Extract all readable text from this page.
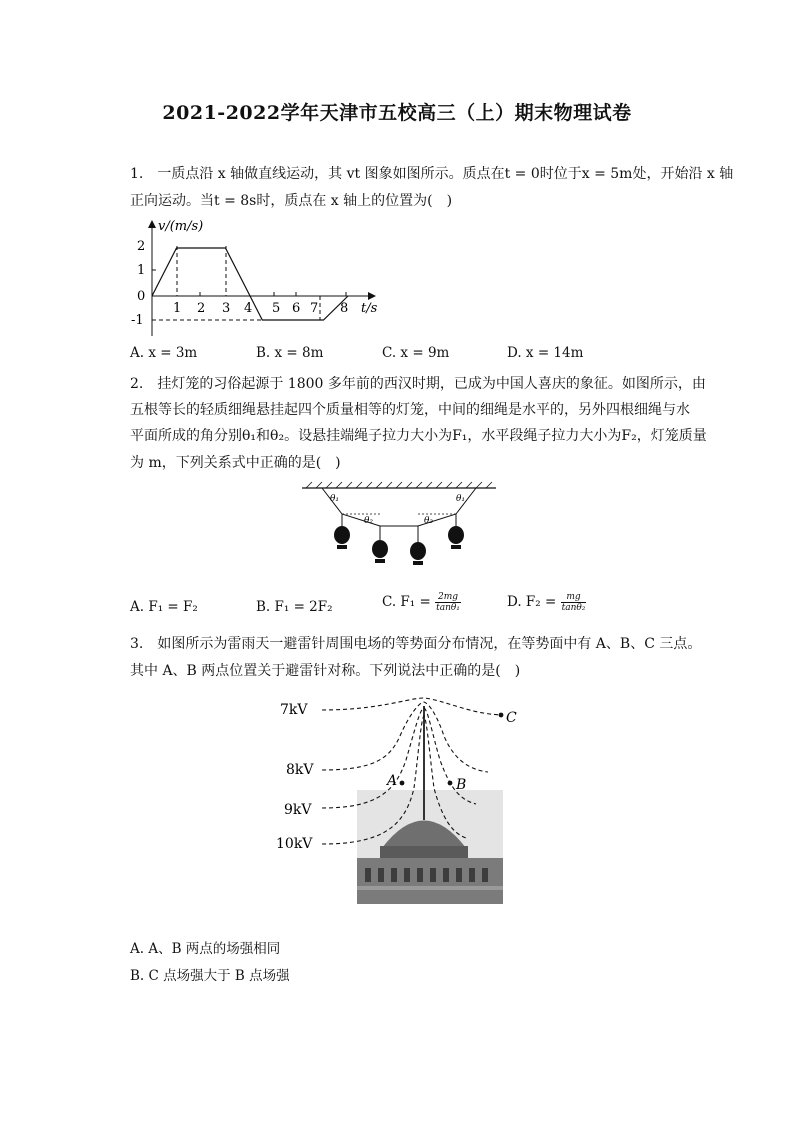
2021-2022学年天津市五校高三（上）期末物理试卷
1.　一质点沿 x 轴做直线运动，其 vt 图象如图所示。质点在t = 0时位于x = 5m处，开始沿 x 轴
正向运动。当t = 8s时，质点在 x 轴上的位置为(　)
v/(m/s)
t/s
2
1
0
-1
1 2 3 4 5 6 7 8
A. x = 3m	B. x = 8m	C. x = 9m	D. x = 14m
2.　挂灯笼的习俗起源于 1800 多年前的西汉时期，已成为中国人喜庆的象征。如图所示，由
五根等长的轻质细绳悬挂起四个质量相等的灯笼，中间的细绳是水平的，另外四根细绳与水
平面所成的角分别θ₁和θ₂。设悬挂端绳子拉力大小为F₁，水平段绳子拉力大小为F₂，灯笼质量
为 m，下列关系式中正确的是(　)
θ₁
θ₂	θ₂
θ₁
A. F₁ = F₂	B. F₁ = 2F₂	C. $F_1 = \frac{2mg}{\text{tanθ₁}}$	D. $F_2 = \frac{mg}{\text{tanθ₂}}$
3.　如图所示为雷雨天一避雷针周围电场的等势面分布情况，在等势面中有 A、B、C 三点。
其中 A、B 两点位置关于避雷针对称。下列说法中正确的是(　)
7kV
8kV
9kV
10kV
A	B
C
A. A、B 两点的场强相同
B. C 点场强大于 B 点场强
